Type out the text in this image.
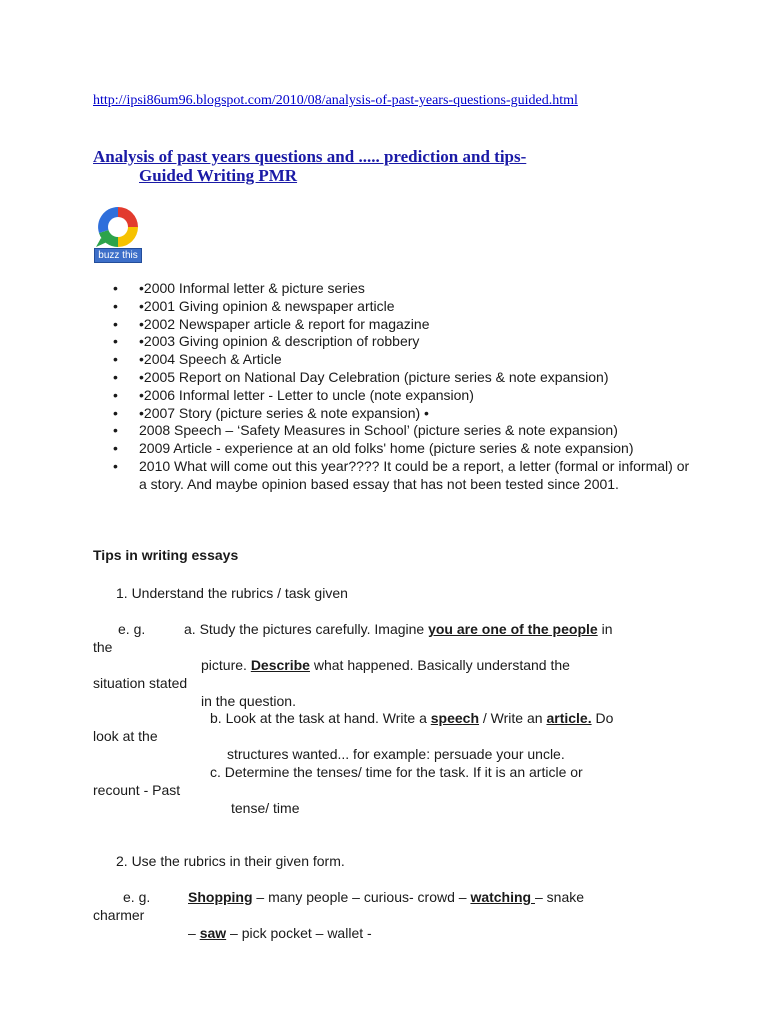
http://ipsi86um96.blogspot.com/2010/08/analysis-of-past-years-questions-guided.html
Analysis of past years questions and ..... prediction and tips-
Guided Writing PMR
buzz this
• •2000 Informal letter & picture series
• •2001 Giving opinion & newspaper article
• •2002 Newspaper article & report for magazine
• •2003 Giving opinion & description of robbery
• •2004 Speech & Article
• •2005 Report on National Day Celebration (picture series & note expansion)
• •2006 Informal letter - Letter to uncle (note expansion)
• •2007 Story (picture series & note expansion) •
• 2008 Speech – ‘Safety Measures in School’ (picture series & note expansion)
• 2009 Article - experience at an old folks' home (picture series & note expansion)
• 2010 What will come out this year???? It could be a report, a letter (formal or informal) or a story. And maybe opinion based essay that has not been tested since 2001.
Tips in writing essays
1. Understand the rubrics / task given
e. g.	a. Study the pictures carefully. Imagine you are one of the people in
the
picture. Describe what happened. Basically understand the
situation stated
in the question.
b. Look at the task at hand. Write a speech / Write an article. Do
look at the
structures wanted... for example: persuade your uncle.
c. Determine the tenses/ time for the task. If it is an article or
recount - Past
tense/ time
2. Use the rubrics in their given form.
e. g.	Shopping – many people – curious- crowd – watching – snake
charmer
– saw – pick pocket – wallet -
